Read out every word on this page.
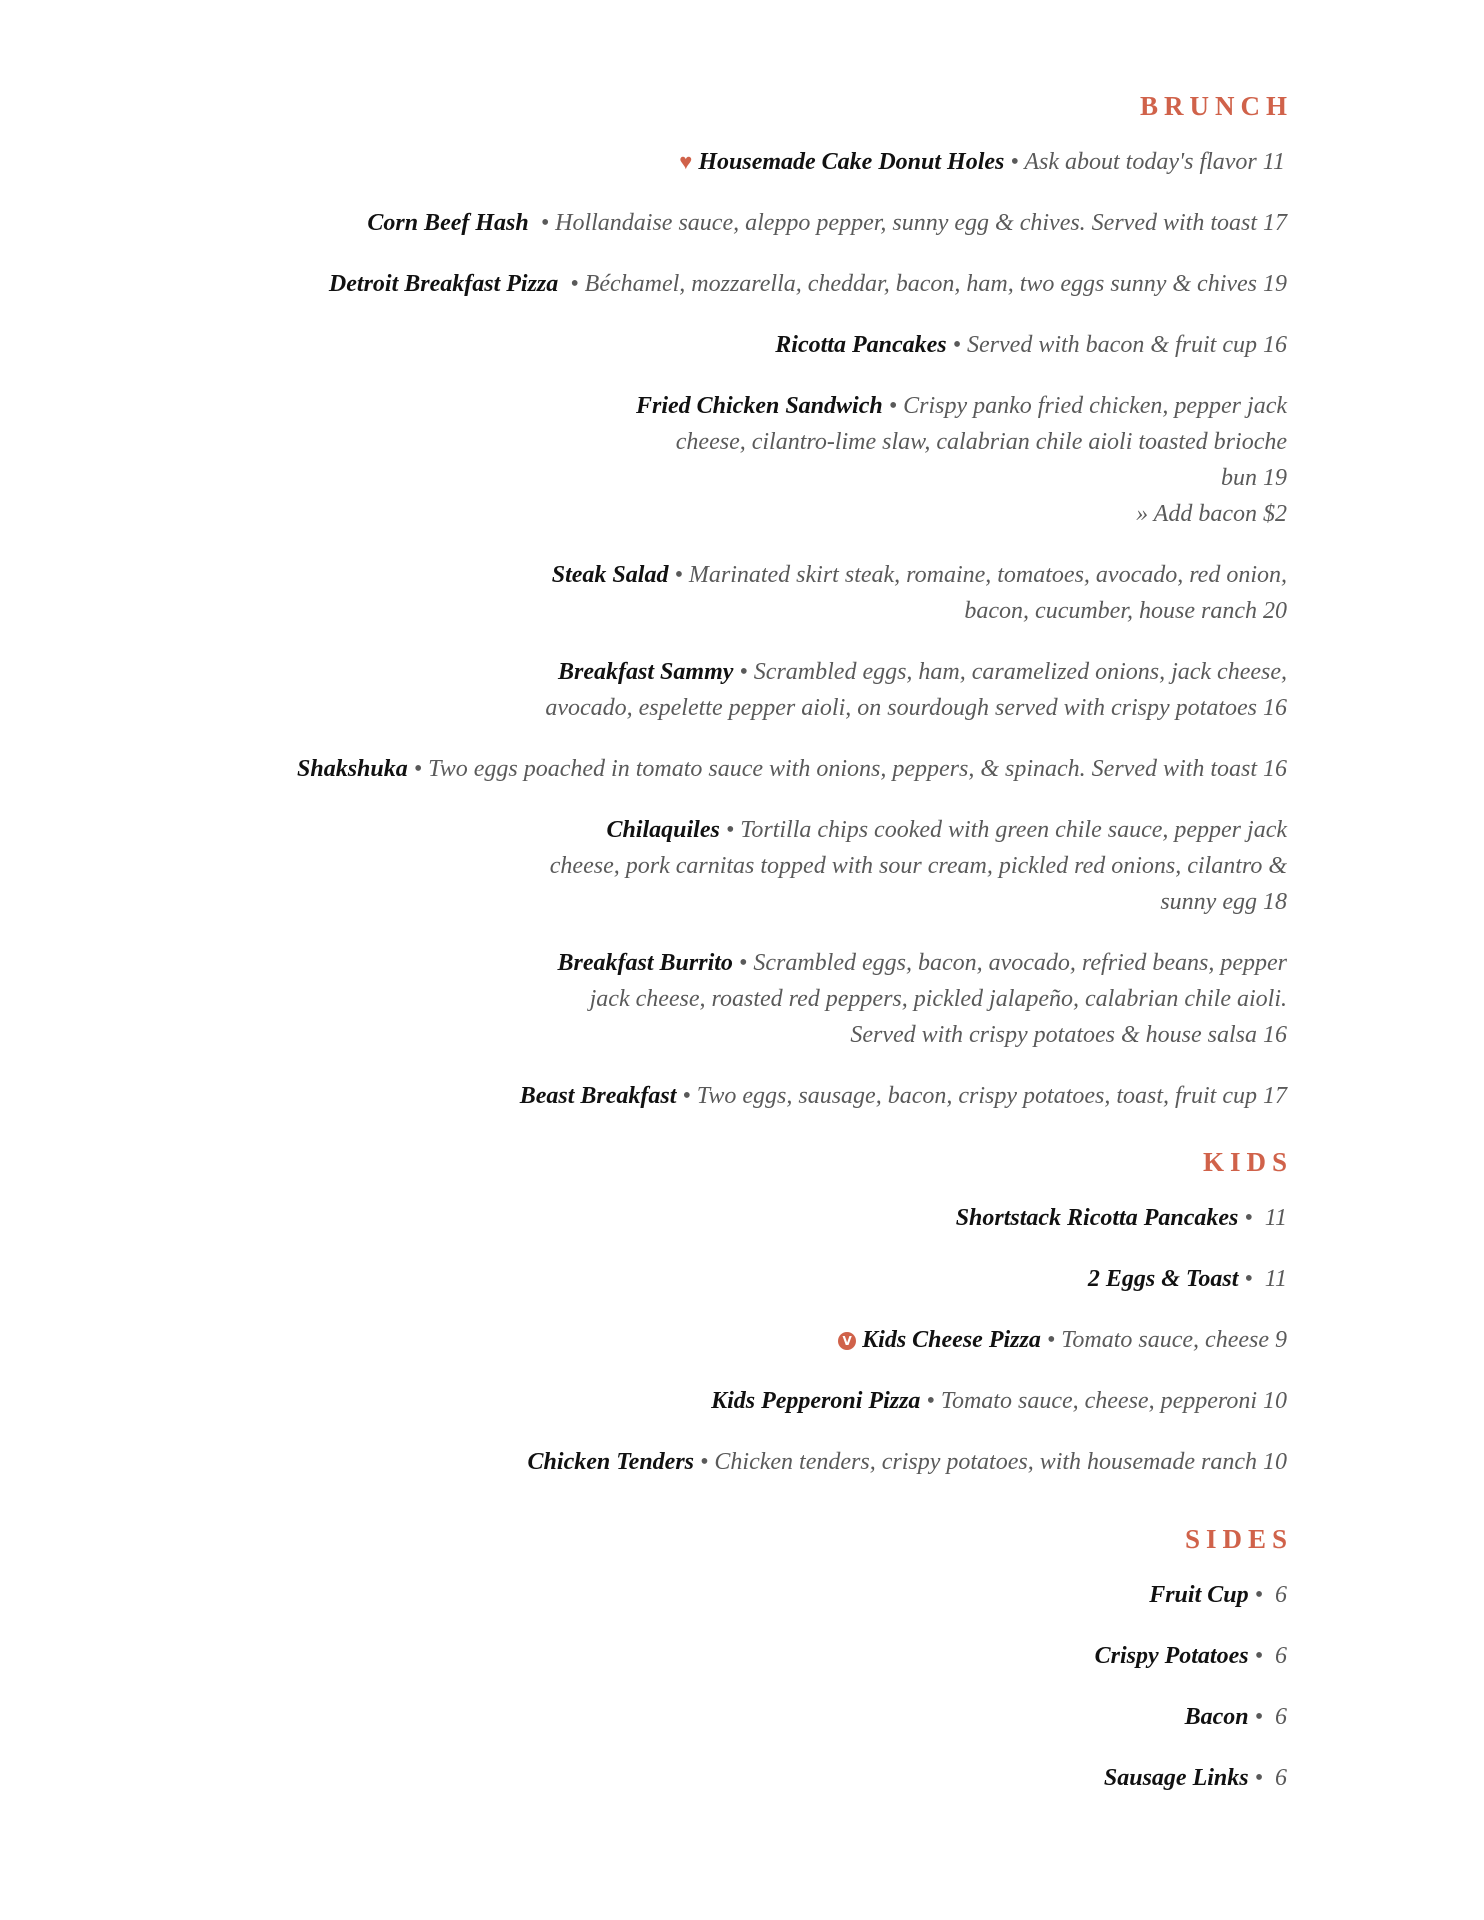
BRUNCH
♥ Housemade Cake Donut Holes • Ask about today's flavor 11
Corn Beef Hash  • Hollandaise sauce, aleppo pepper, sunny egg & chives. Served with toast 17
Detroit Breakfast Pizza  • Béchamel, mozzarella, cheddar, bacon, ham, two eggs sunny & chives 19
Ricotta Pancakes • Served with bacon & fruit cup 16
Fried Chicken Sandwich • Crispy panko fried chicken, pepper jack cheese, cilantro-lime slaw, calabrian chile aioli toasted brioche bun 19
» Add bacon $2
Steak Salad • Marinated skirt steak, romaine, tomatoes, avocado, red onion, bacon, cucumber, house ranch 20
Breakfast Sammy • Scrambled eggs, ham, caramelized onions, jack cheese, avocado, espelette pepper aioli, on sourdough served with crispy potatoes 16
Shakshuka • Two eggs poached in tomato sauce with onions, peppers, & spinach. Served with toast 16
Chilaquiles • Tortilla chips cooked with green chile sauce, pepper jack cheese, pork carnitas topped with sour cream, pickled red onions, cilantro & sunny egg 18
Breakfast Burrito • Scrambled eggs, bacon, avocado, refried beans, pepper jack cheese, roasted red peppers, pickled jalapeño, calabrian chile aioli. Served with crispy potatoes & house salsa 16
Beast Breakfast • Two eggs, sausage, bacon, crispy potatoes, toast, fruit cup 17
KIDS
Shortstack Ricotta Pancakes • 11
2 Eggs & Toast • 11
V Kids Cheese Pizza • Tomato sauce, cheese 9
Kids Pepperoni Pizza • Tomato sauce, cheese, pepperoni 10
Chicken Tenders • Chicken tenders, crispy potatoes, with housemade ranch 10
SIDES
Fruit Cup • 6
Crispy Potatoes • 6
Bacon • 6
Sausage Links • 6
